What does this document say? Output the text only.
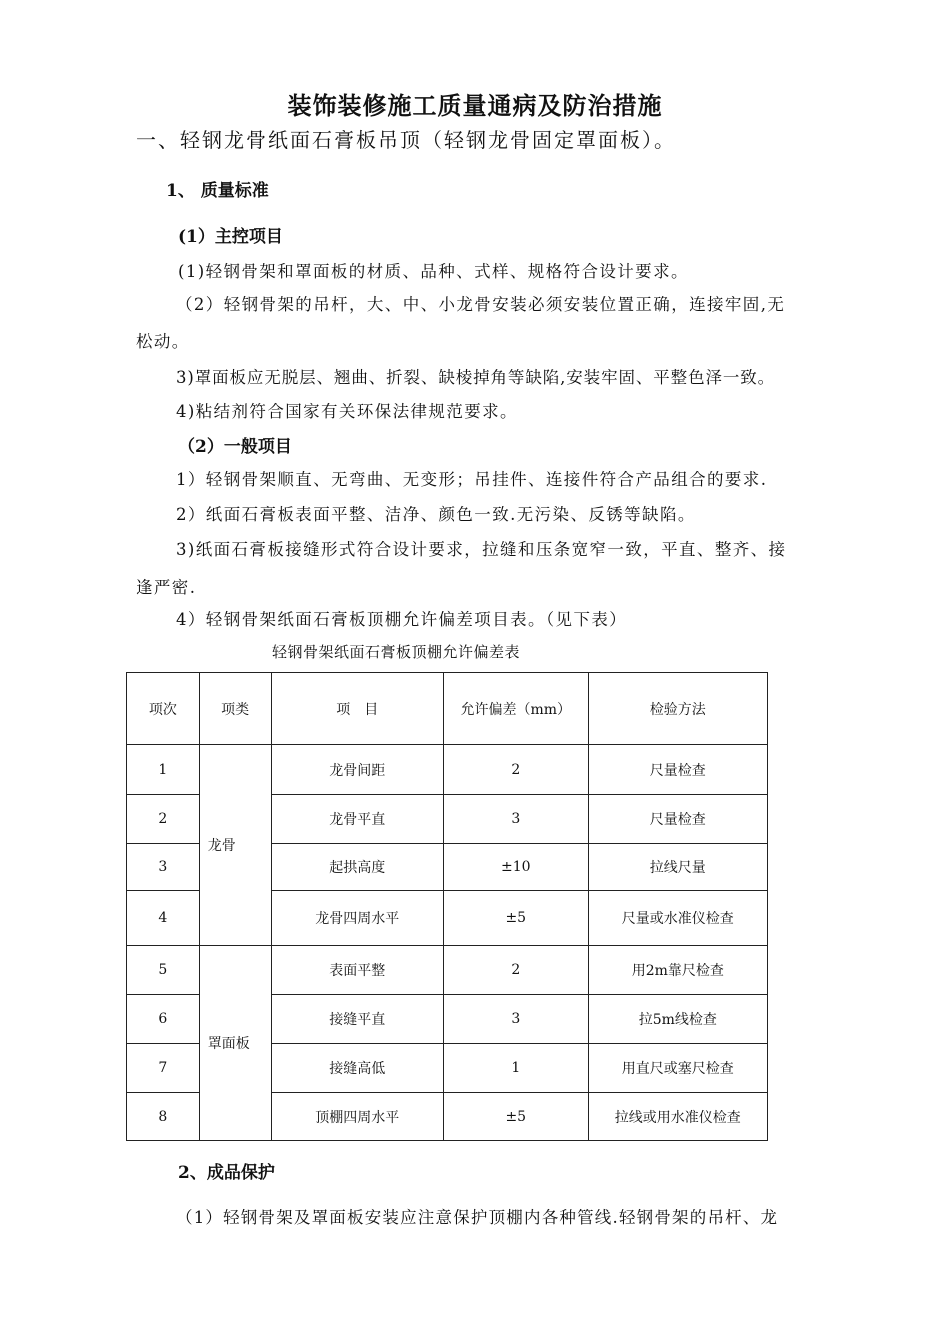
装饰装修施工质量通病及防治措施
一、轻钢龙骨纸面石膏板吊顶（轻钢龙骨固定罩面板）。
1、 质量标准
(1）主控项目
(1)轻钢骨架和罩面板的材质、品种、式样、规格符合设计要求。
（2）轻钢骨架的吊杆，大、中、小龙骨安装必须安装位置正确，连接牢固,无
松动。
3)罩面板应无脱层、翘曲、折裂、缺棱掉角等缺陷,安装牢固、平整色泽一致。
4)粘结剂符合国家有关环保法律规范要求。
（2）一般项目
1）轻钢骨架顺直、无弯曲、无变形；吊挂件、连接件符合产品组合的要求.
2）纸面石膏板表面平整、洁净、颜色一致.无污染、反锈等缺陷。
3)纸面石膏板接缝形式符合设计要求，拉缝和压条宽窄一致，平直、整齐、接
逢严密.
4）轻钢骨架纸面石膏板顶棚允许偏差项目表。（见下表）
轻钢骨架纸面石膏板顶棚允许偏差表
项次	项类	项　目	允许偏差（mm）	检验方法
1	龙骨	龙骨间距	2	尺量检查
2		龙骨平直	3	尺量检查
3		起拱高度	±10	拉线尺量
4		龙骨四周水平	±5	尺量或水准仪检查
5	罩面板	表面平整	2	用2m靠尺检查
6		接缝平直	3	拉5m线检查
7		接缝高低	1	用直尺或塞尺检查
8		顶棚四周水平	±5	拉线或用水准仪检查
2、成品保护
（1）轻钢骨架及罩面板安装应注意保护顶棚内各种管线.轻钢骨架的吊杆、龙
